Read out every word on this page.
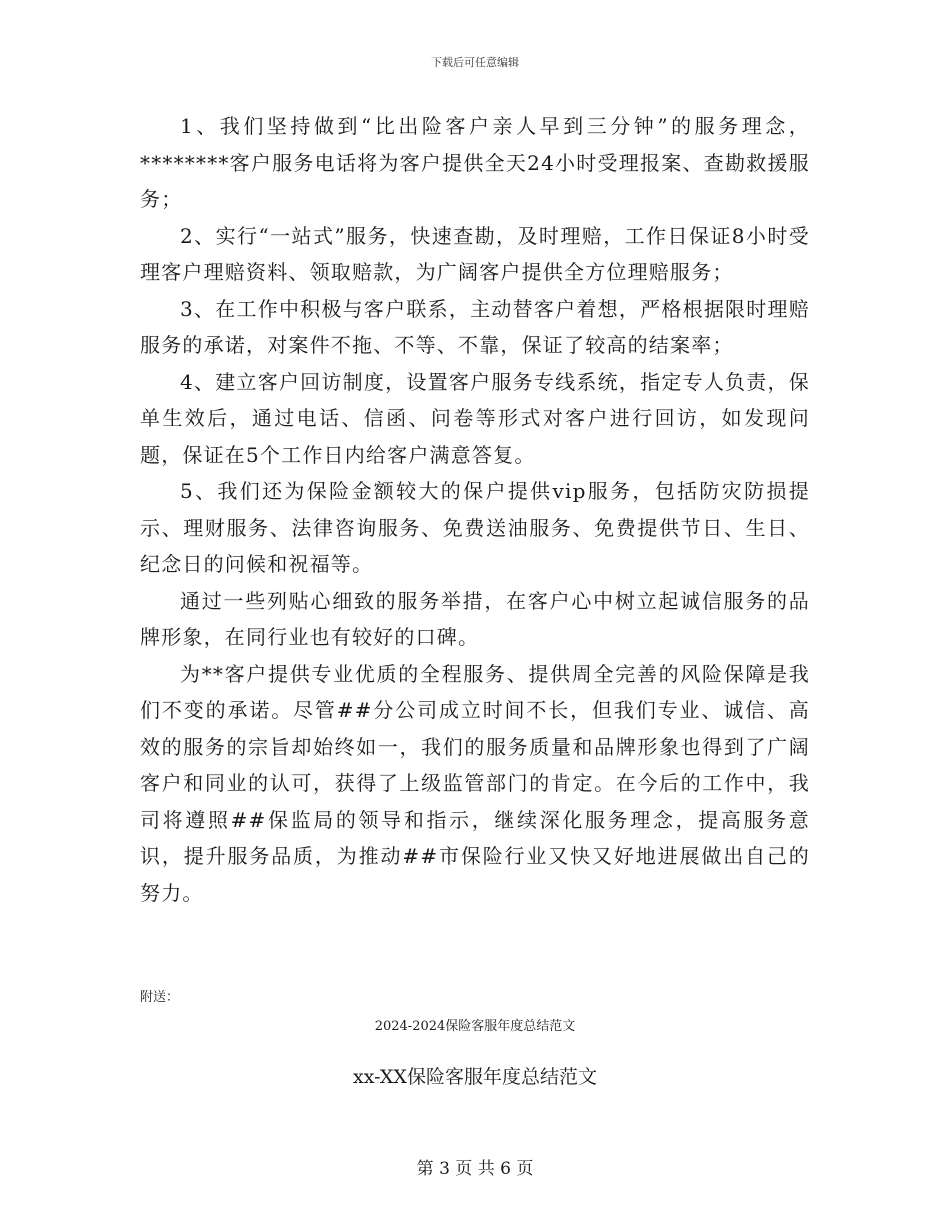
下载后可任意编辑

1、我们坚持做到“比出险客户亲人早到三分钟”的服务理念，********客户服务电话将为客户提供全天24小时受理报案、查勘救援服务；

2、实行“一站式”服务，快速查勘，及时理赔，工作日保证8小时受理客户理赔资料、领取赔款，为广阔客户提供全方位理赔服务；

3、在工作中积极与客户联系，主动替客户着想，严格根据限时理赔服务的承诺，对案件不拖、不等、不靠，保证了较高的结案率；

4、建立客户回访制度，设置客户服务专线系统，指定专人负责，保单生效后，通过电话、信函、问卷等形式对客户进行回访，如发现问题，保证在5个工作日内给客户满意答复。

5、我们还为保险金额较大的保户提供vip服务，包括防灾防损提示、理财服务、法律咨询服务、免费送油服务、免费提供节日、生日、纪念日的问候和祝福等。

通过一些列贴心细致的服务举措，在客户心中树立起诚信服务的品牌形象，在同行业也有较好的口碑。

为**客户提供专业优质的全程服务、提供周全完善的风险保障是我们不变的承诺。尽管##分公司成立时间不长，但我们专业、诚信、高效的服务的宗旨却始终如一，我们的服务质量和品牌形象也得到了广阔客户和同业的认可，获得了上级监管部门的肯定。在今后的工作中，我司将遵照##保监局的领导和指示，继续深化服务理念，提高服务意识，提升服务品质，为推动##市保险行业又快又好地进展做出自己的努力。

附送：
2024-2024保险客服年度总结范文
xx-XX保险客服年度总结范文
第 3 页 共 6 页
